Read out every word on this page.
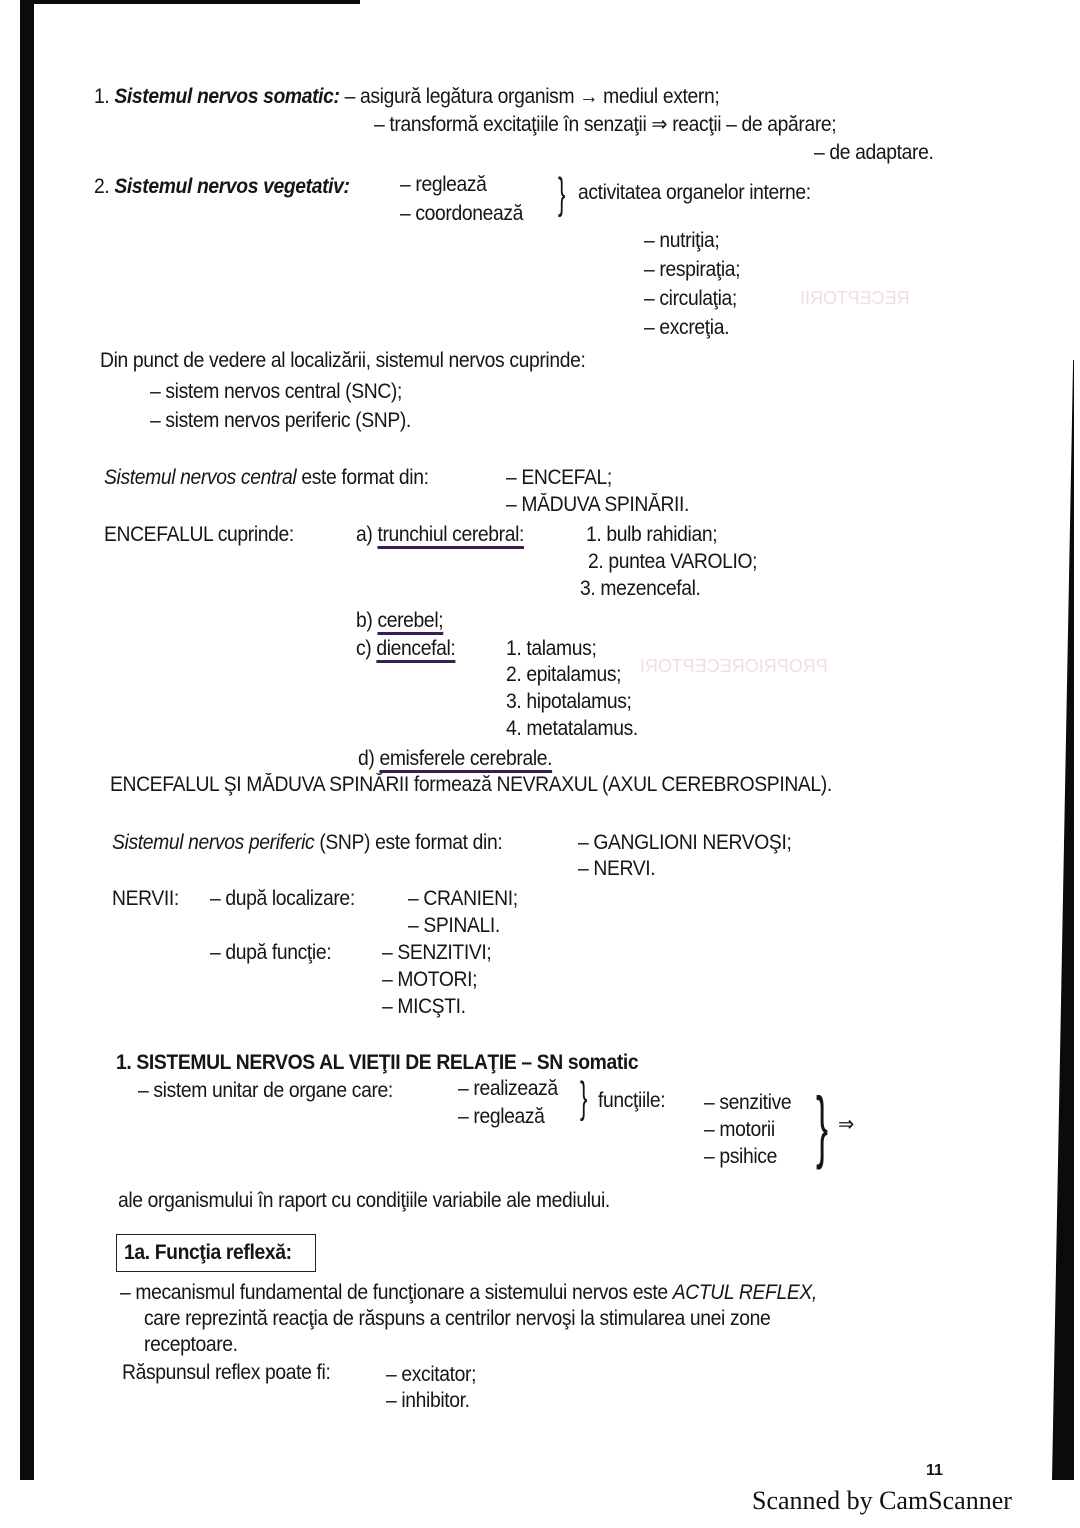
RECEPTORII
PROPRIORECEPTORI
1. Sistemul nervos somatic: – asigură legătura organism → mediul extern;
– transformă excitaţiile în senzaţii ⇒ reacţii – de apărare;
– de adaptare.
2. Sistemul nervos vegetativ: – reglează
– coordonează } activitatea organelor interne:
– nutriţia;
– respiraţia;
– circulaţia;
– excreţia.
Din punct de vedere al localizării, sistemul nervos cuprinde:
– sistem nervos central (SNC);
– sistem nervos periferic (SNP).
Sistemul nervos central este format din:	– ENCEFAL;
– MĂDUVA SPINĂRII.
ENCEFALUL cuprinde:	a) trunchiul cerebral:	1. bulb rahidian;
2. puntea VAROLIO;
3. mezencefal.
b) cerebel;
c) diencefal: 1. talamus;
2. epitalamus;
3. hipotalamus;
4. metatalamus.
d) emisferele cerebrale.
ENCEFALUL ŞI MĂDUVA SPINĂRII formează NEVRAXUL (AXUL CEREBROSPINAL).
Sistemul nervos periferic (SNP) este format din:	– GANGLIONI NERVOŞI;
– NERVI.
NERVII: – după localizare:	– CRANIENI;
– SPINALI.
– după funcţie: – SENZITIVI;
– MOTORI;
– MICŞTI.
1. SISTEMUL NERVOS AL VIEŢII DE RELAŢIE – SN somatic
– sistem unitar de organe care:	– realizează
– reglează } funcţiile: – senzitive
– motorii
– psihice } ⇒
ale organismului în raport cu condiţiile variabile ale mediului.
1a. Funcţia reflexă:
– mecanismul fundamental de funcţionare a sistemului nervos este ACTUL REFLEX,
care reprezintă reacţia de răspuns a centrilor nervoşi la stimularea unei zone
receptoare.
Răspunsul reflex poate fi:	– excitator;
– inhibitor.
11
Scanned by CamScanner
